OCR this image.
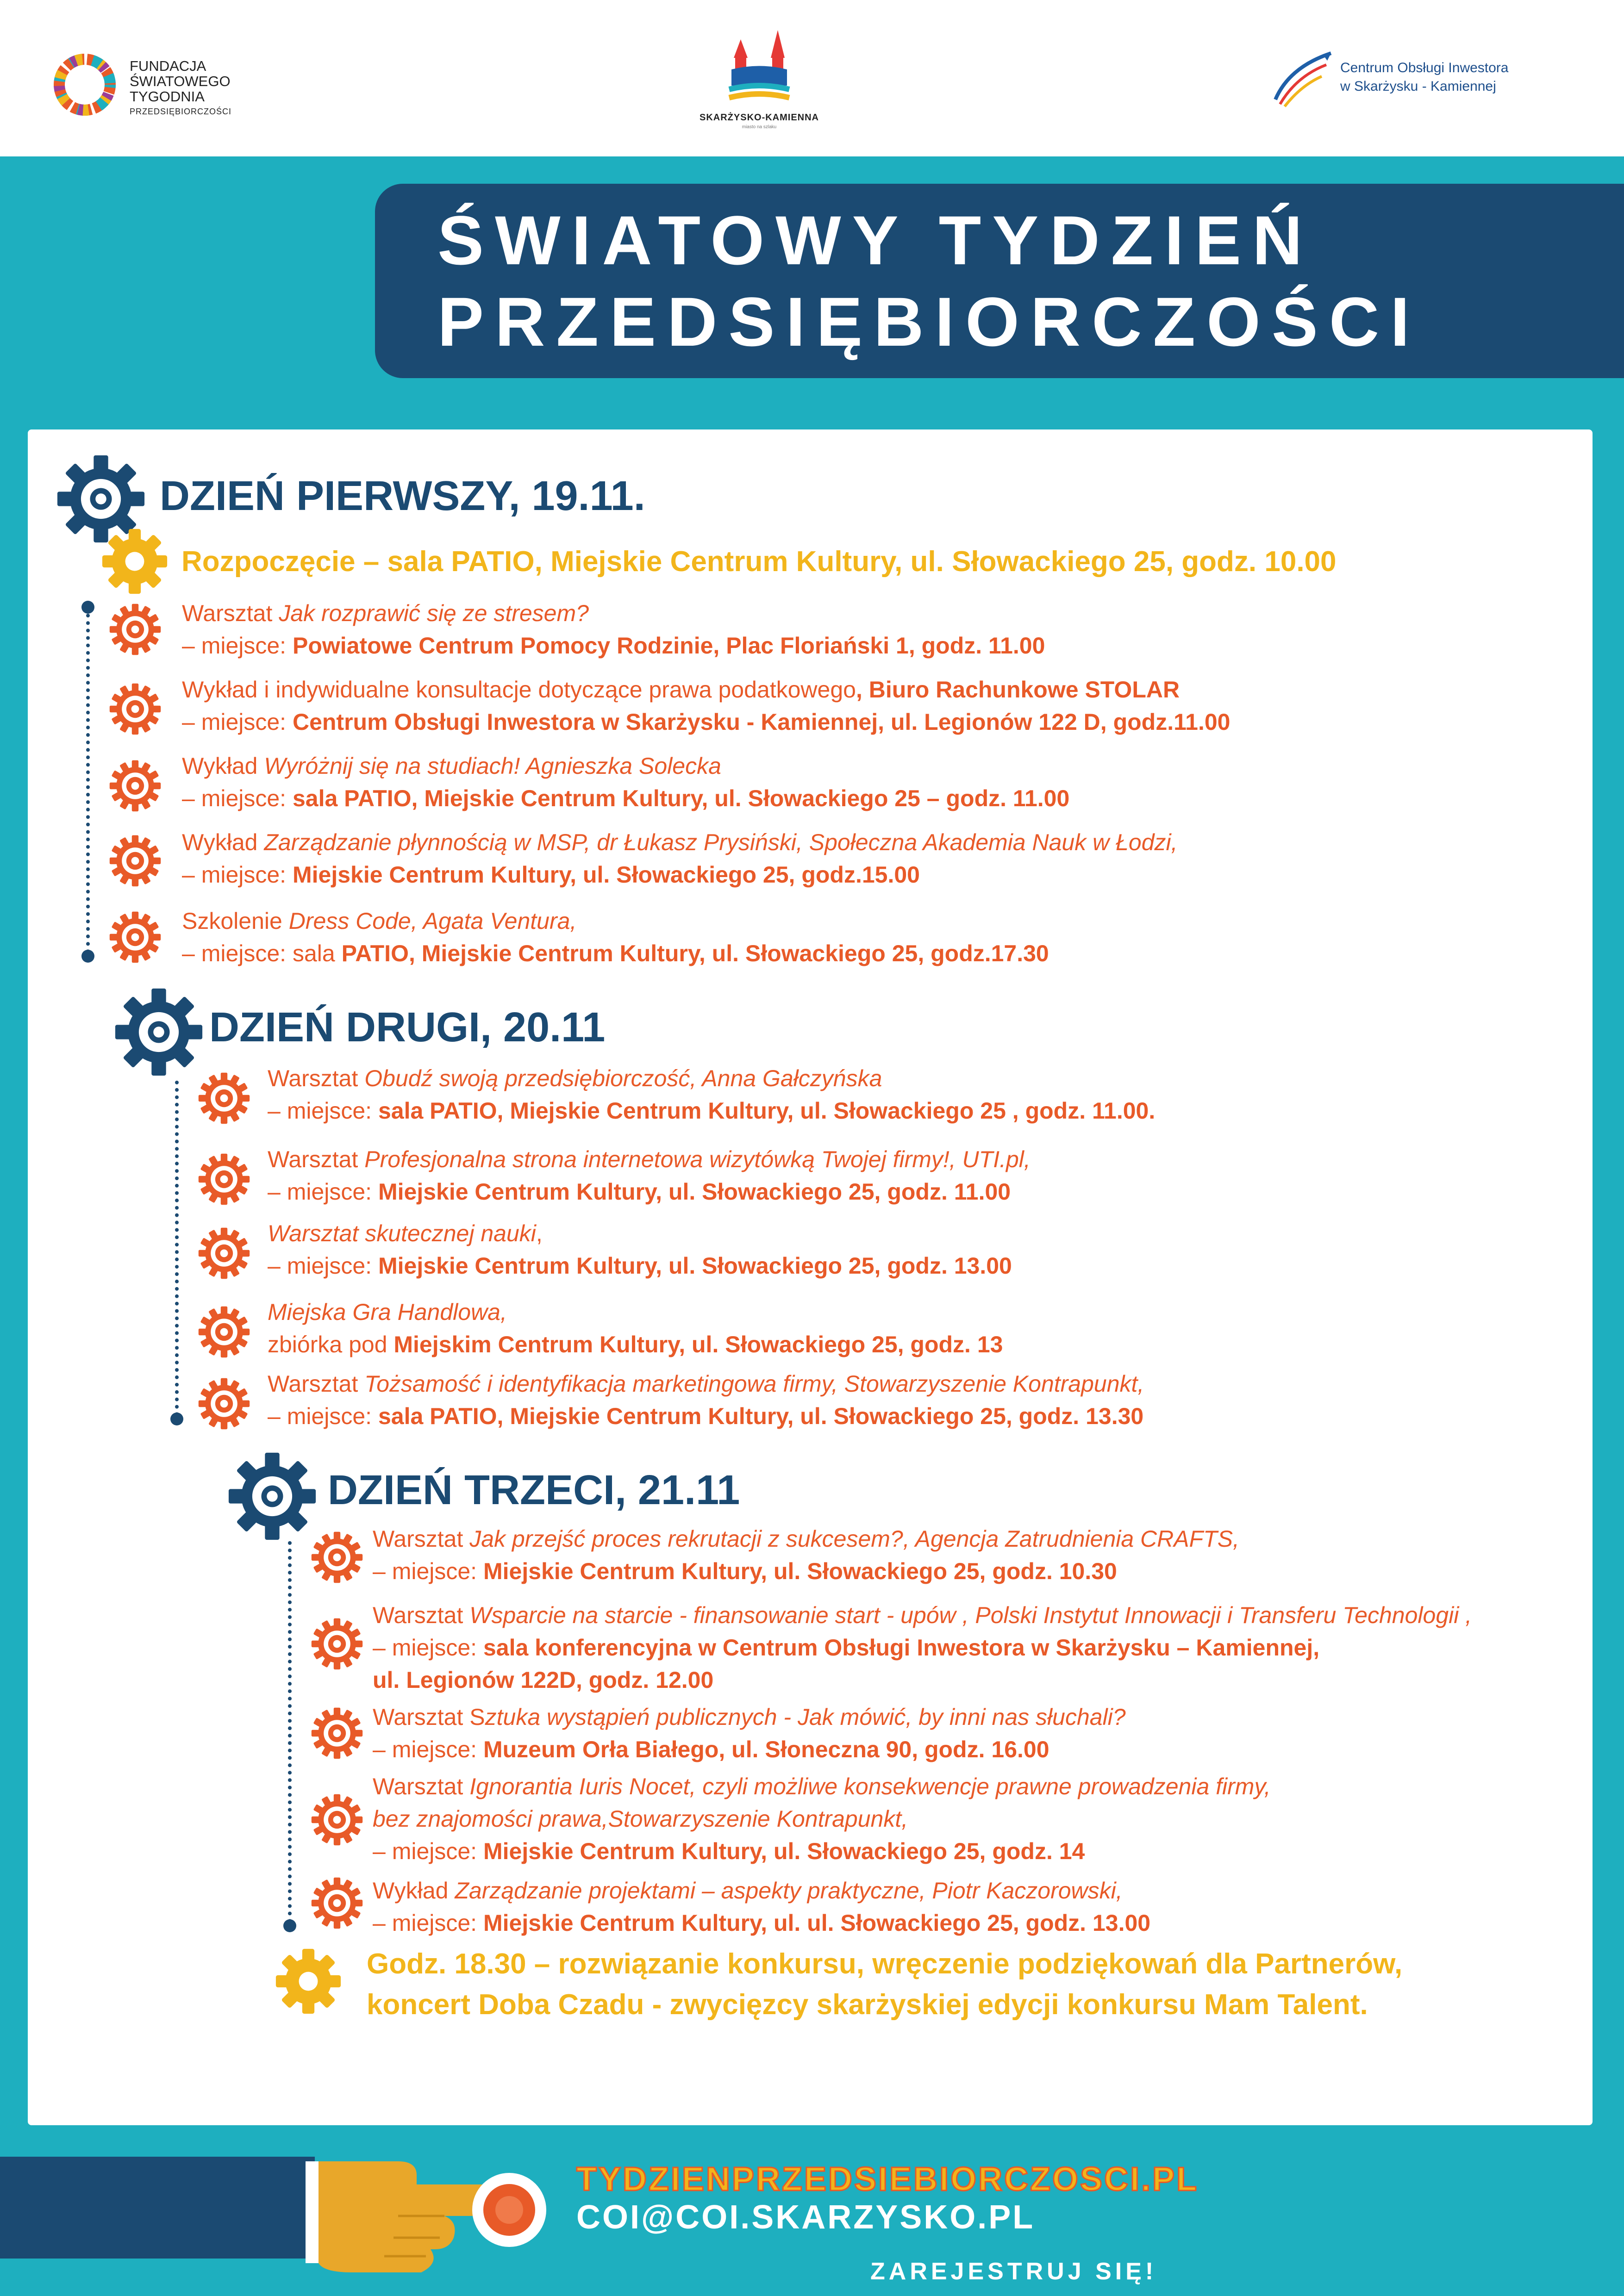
FUNDACJA
ŚWIATOWEGO
TYGODNIA
PRZEDSIĘBIORCZOŚCI
SKARŻYSKO-KAMIENNA
miasto na szlaku
Centrum Obsługi Inwestora
w Skarżysku - Kamiennej
ŚWIATOWY TYDZIEŃ
PRZEDSIĘBIORCZOŚCI
DZIEŃ PIERWSZY, 19.11.
Rozpoczęcie – sala PATIO, Miejskie Centrum Kultury, ul. Słowackiego 25, godz. 10.00
DZIEŃ DRUGI, 20.11
DZIEŃ TRZECI, 21.11
Godz. 18.30 – rozwiązanie konkursu, wręczenie podziękowań dla Partnerów,
koncert Doba Czadu - zwycięzcy skarżyskiej edycji konkursu Mam Talent.
Warsztat Jak rozprawić się ze stresem?
– miejsce: Powiatowe Centrum Pomocy Rodzinie, Plac Floriański 1, godz. 11.00
Wykład i indywidualne konsultacje dotyczące prawa podatkowego, Biuro Rachunkowe STOLAR
– miejsce: Centrum Obsługi Inwestora w Skarżysku - Kamiennej, ul. Legionów 122 D, godz.11.00
Wykład Wyróżnij się na studiach! Agnieszka Solecka
– miejsce: sala PATIO, Miejskie Centrum Kultury, ul. Słowackiego 25 – godz. 11.00
Wykład Zarządzanie płynnością w MSP, dr Łukasz Prysiński, Społeczna Akademia Nauk w Łodzi,
– miejsce: Miejskie Centrum Kultury, ul. Słowackiego 25, godz.15.00
Szkolenie Dress Code, Agata Ventura,
– miejsce: sala PATIO, Miejskie Centrum Kultury, ul. Słowackiego 25, godz.17.30
Warsztat Obudź swoją przedsiębiorczość, Anna Gałczyńska
– miejsce: sala PATIO, Miejskie Centrum Kultury, ul. Słowackiego 25 , godz. 11.00.
Warsztat Profesjonalna strona internetowa wizytówką Twojej firmy!, UTI.pl,
– miejsce: Miejskie Centrum Kultury, ul. Słowackiego 25, godz. 11.00
Warsztat skutecznej nauki,
– miejsce: Miejskie Centrum Kultury, ul. Słowackiego 25, godz. 13.00
Miejska Gra Handlowa,
zbiórka pod Miejskim Centrum Kultury, ul. Słowackiego 25, godz. 13
Warsztat Tożsamość i identyfikacja marketingowa firmy, Stowarzyszenie Kontrapunkt,
– miejsce: sala PATIO, Miejskie Centrum Kultury, ul. Słowackiego 25, godz. 13.30
Warsztat Jak przejść proces rekrutacji z sukcesem?, Agencja Zatrudnienia CRAFTS,
– miejsce: Miejskie Centrum Kultury, ul. Słowackiego 25, godz. 10.30
Warsztat Wsparcie na starcie - finansowanie start - upów , Polski Instytut Innowacji i Transferu Technologii ,
– miejsce: sala konferencyjna w Centrum Obsługi Inwestora w Skarżysku – Kamiennej,
ul. Legionów 122D, godz. 12.00
Warsztat Sztuka wystąpień publicznych - Jak mówić, by inni nas słuchali?
– miejsce: Muzeum Orła Białego, ul. Słoneczna 90, godz. 16.00
Warsztat Ignorantia Iuris Nocet, czyli możliwe konsekwencje prawne prowadzenia firmy,
bez znajomości prawa,Stowarzyszenie Kontrapunkt,
– miejsce: Miejskie Centrum Kultury, ul. Słowackiego 25, godz. 14
Wykład Zarządzanie projektami – aspekty praktyczne, Piotr Kaczorowski,
– miejsce: Miejskie Centrum Kultury, ul. ul. Słowackiego 25, godz. 13.00
TYDZIENPRZEDSIEBIORCZOSCI.PL
COI@COI.SKARZYSKO.PL
ZAREJESTRUJ SIĘ!
